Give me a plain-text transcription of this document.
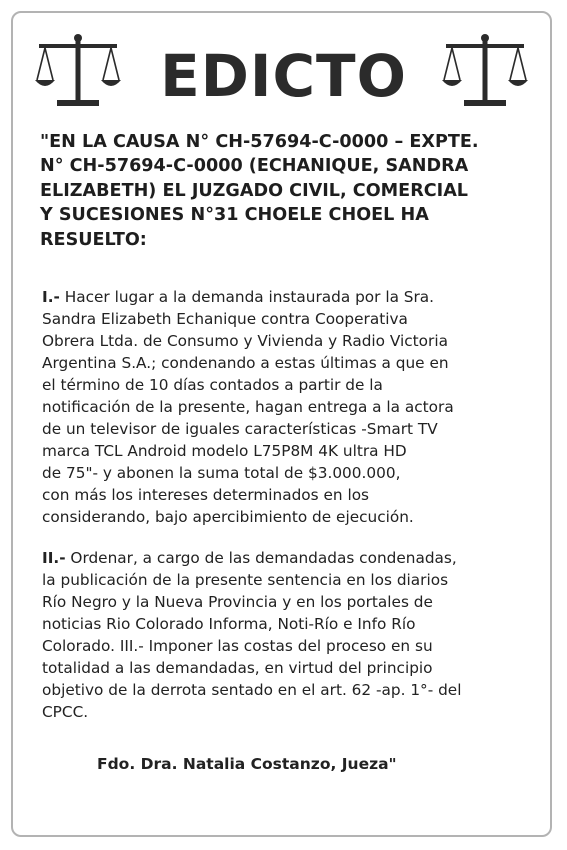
EDICTO
"EN LA CAUSA N° CH-57694-C-0000 – EXPTE.
N° CH-57694-C-0000 (ECHANIQUE, SANDRA
ELIZABETH) EL JUZGADO CIVIL, COMERCIAL
Y SUCESIONES N°31 CHOELE CHOEL HA
RESUELTO:
I.- Hacer lugar a la demanda instaurada por la Sra.
Sandra Elizabeth Echanique contra Cooperativa
Obrera Ltda. de Consumo y Vivienda y Radio Victoria
Argentina S.A.; condenando a estas últimas a que en
el término de 10 días contados a partir de la
notificación de la presente, hagan entrega a la actora
de un televisor de iguales características -Smart TV
marca TCL Android modelo L75P8M 4K ultra HD
de 75"- y abonen la suma total de $3.000.000,
con más los intereses determinados en los
considerando, bajo apercibimiento de ejecución.
II.- Ordenar, a cargo de las demandadas condenadas,
la publicación de la presente sentencia en los diarios
Río Negro y la Nueva Provincia y en los portales de
noticias Rio Colorado Informa, Noti-Río e Info Río
Colorado. III.- Imponer las costas del proceso en su
totalidad a las demandadas, en virtud del principio
objetivo de la derrota sentado en el art. 62 -ap. 1°- del
CPCC.
Fdo. Dra. Natalia Costanzo, Jueza"
